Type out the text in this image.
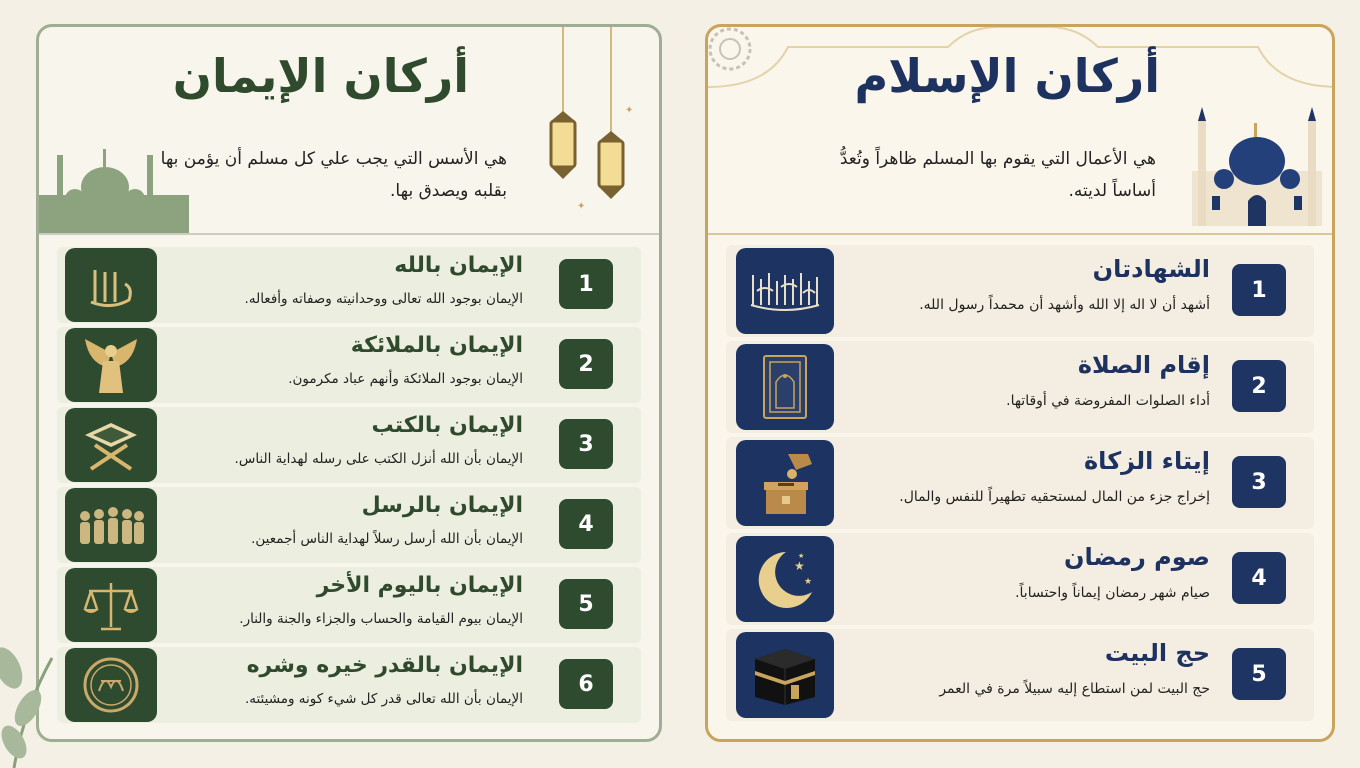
أركان الإسلام
هي الأعمال التي يقوم بها المسلم ظاهراً وتُعدُّ أساساً لديته.
1
الشهادتان
أشهد أن لا اله إلا الله وأشهد أن محمداً رسول الله.
2
إقام الصلاة
أداء الصلوات المفروضة في أوقاتها.
3
إيتاء الزكاة
إخراج جزء من المال لمستحقيه تطهيراً للنفس والمال.
4
صوم رمضان
صيام شهر رمضان إيماناً واحتساباً.
★
★
★
5
حج البيت
حج البيت لمن استطاع إليه سبيلاً مرة في العمر
✦
✦
أركان الإيمان
هي الأسس التي يجب علي كل مسلم أن يؤمن بها بقلبه ويصدق بها.
1
الإيمان بالله
الإيمان بوجود الله تعالى ووحدانيته وصفاته وأفعاله.
2
الإيمان بالملائكة
الإيمان بوجود الملائكة وأنهم عباد مكرمون.
3
الإيمان بالكتب
الإيمان بأن الله أنزل الكتب على رسله لهداية الناس.
4
الإيمان بالرسل
الإيمان بأن الله أرسل رسلاً لهداية الناس أجمعين.
5
الإيمان باليوم الأخر
الإيمان بيوم القيامة والحساب والجزاء والجنة والنار.
6
الإيمان بالقدر خيره وشره
الإيمان بأن الله تعالى قدر كل شيء كونه ومشيئته.
